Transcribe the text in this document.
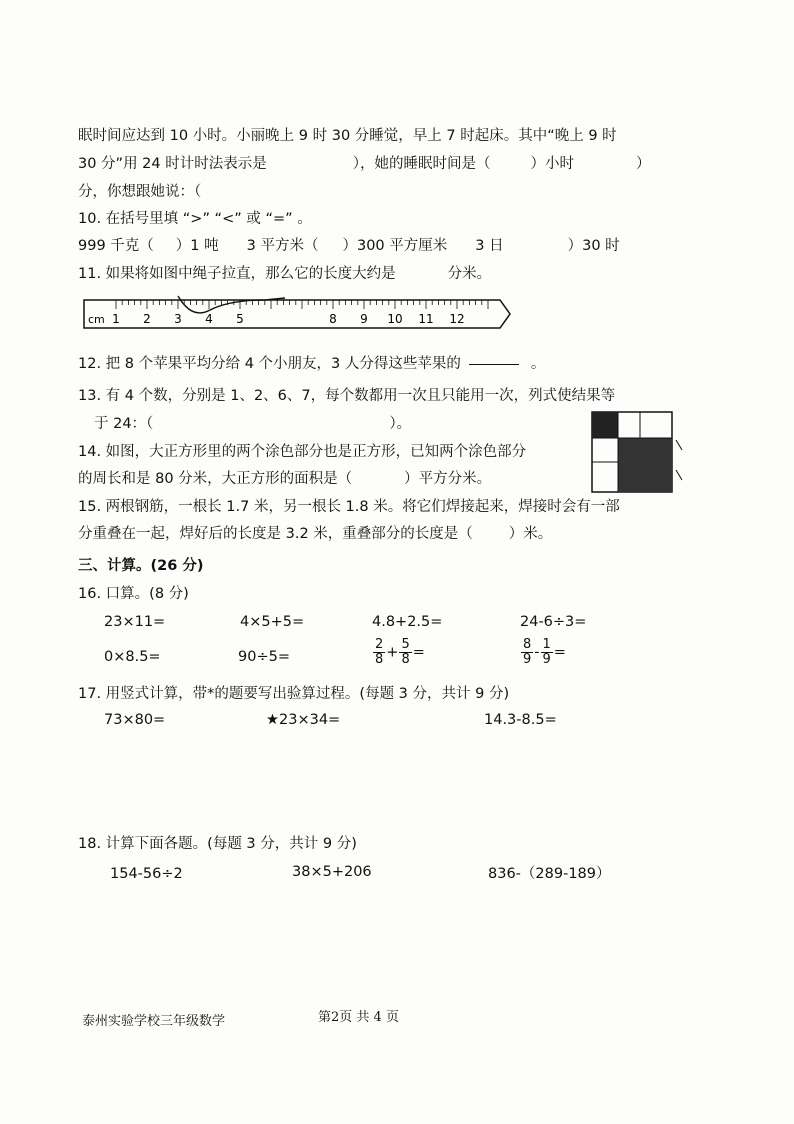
眠时间应达到 10 小时。小丽晚上 9 时 30 分睡觉，早上 7 时起床。其中“晚上 9 时
30 分”用 24 时计时法表示是	），她的睡眠时间是（	）小时	）
分，你想跟她说：（
10. 在括号里填 “>” “<” 或 “=” 。
999 千克（ ）1 吨 3 平方米（ ）300 平方厘米 3 日	）30 时
11. 如果将如图中绳子拉直，那么它的长度大约是	分米。
cm 1 2 3 4 5	8 9 10 11 12
12. 把 8 个苹果平均分给 4 个小朋友，3 人分得这些苹果的	。
13. 有 4 个数，分别是 1、2、6、7，每个数都用一次且只能用一次，列式使结果等
于 24：（	）。
14. 如图，大正方形里的两个涂色部分也是正方形，已知两个涂色部分
的周长和是 80 分米，大正方形的面积是（	）平方分米。
15. 两根钢筋，一根长 1.7 米，另一根长 1.8 米。将它们焊接起来，焊接时会有一部
分重叠在一起，焊好后的长度是 3.2 米，重叠部分的长度是（ ）米。
三、计算。(26 分)
16. 口算。(8 分)
23×11=	4×5+5=	4.8+2.5=	24-6÷3=
0×8.5=	90÷5=	$\frac{2}{8} + \frac{5}{8}$ =	$\frac{8}{9} - \frac{1}{9}$ =
17. 用竖式计算，带*的题要写出验算过程。(每题 3 分，共计 9 分)
73×80=	★23×34=	14.3-8.5=
18. 计算下面各题。(每题 3 分，共计 9 分)
154-56÷2	38×5+206	836-（289-189）
泰州实验学校三年级数学	第2页 共 4 页
